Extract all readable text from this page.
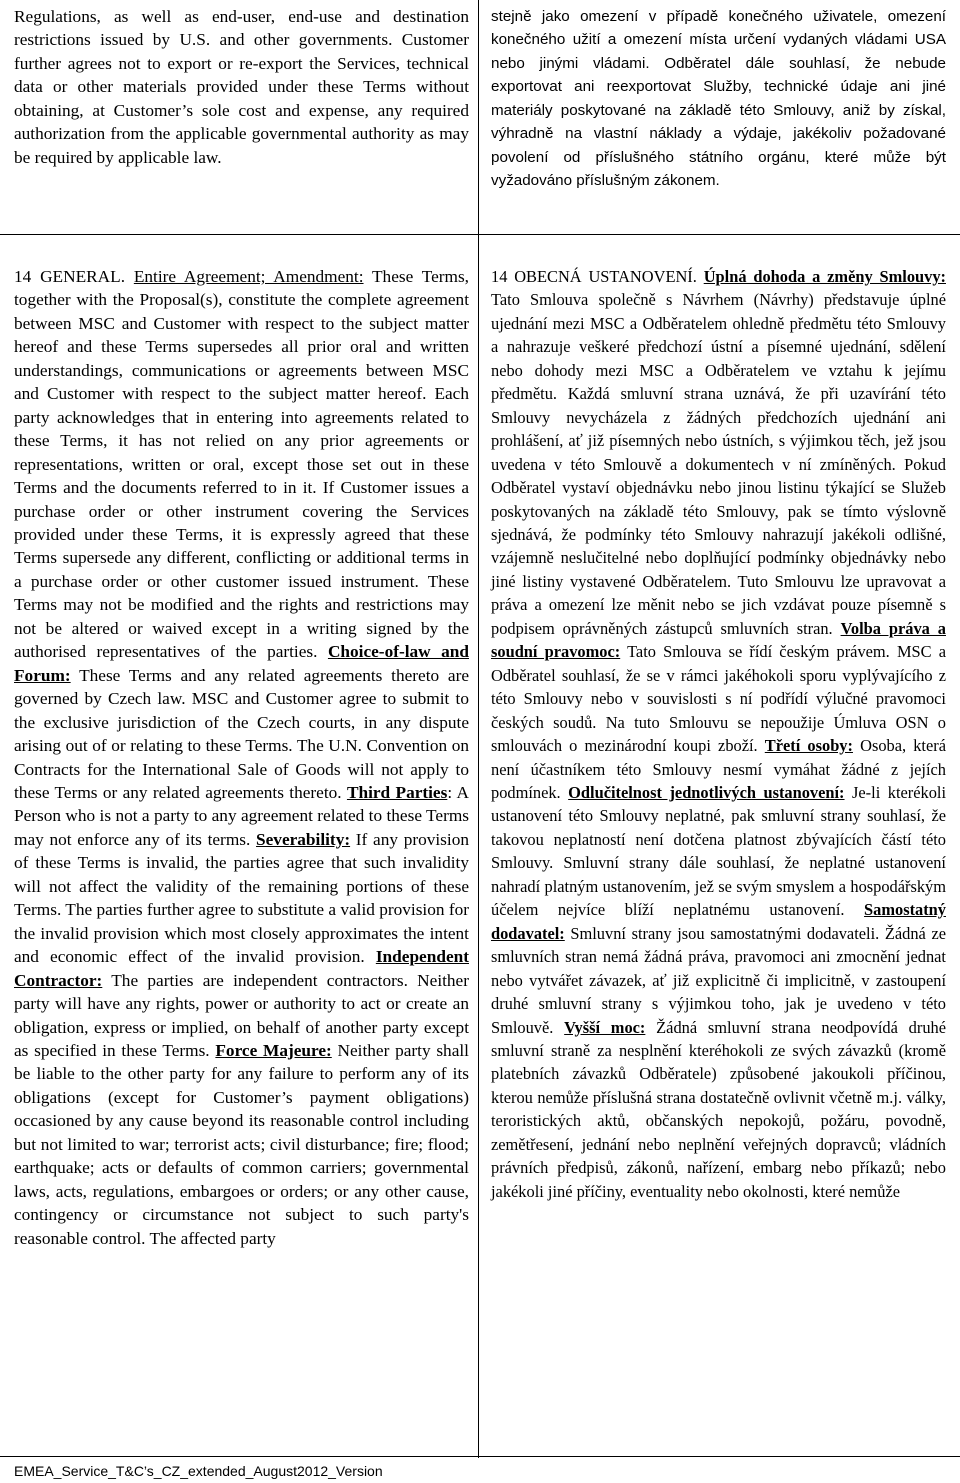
Regulations, as well as end-user, end-use and destination restrictions issued by U.S. and other governments. Customer further agrees not to export or re-export the Services, technical data or other materials provided under these Terms without obtaining, at Customer’s sole cost and expense, any required authorization from the applicable governmental authority as may be required by applicable law.

stejně jako omezení v případě konečného uživatele, omezení konečného užití a omezení místa určení vydaných vládami USA nebo jinými vládami. Odběratel dále souhlasí, že nebude exportovat ani reexportovat Služby, technické údaje ani jiné materiály poskytované na základě této Smlouvy, aniž by získal, výhradně na vlastní náklady a výdaje, jakékoliv požadované povolení od příslušného státního orgánu, které může být vyžadováno příslušným zákonem.

14 GENERAL. Entire Agreement; Amendment: These Terms, together with the Proposal(s), constitute the complete agreement between MSC and Customer with respect to the subject matter hereof and these Terms supersedes all prior oral and written understandings, communications or agreements between MSC and Customer with respect to the subject matter hereof. Each party acknowledges that in entering into agreements related to these Terms, it has not relied on any prior agreements or representations, written or oral, except those set out in these Terms and the documents referred to in it. If Customer issues a purchase order or other instrument covering the Services provided under these Terms, it is expressly agreed that these Terms supersede any different, conflicting or additional terms in a purchase order or other customer issued instrument. These Terms may not be modified and the rights and restrictions may not be altered or waived except in a writing signed by the authorised representatives of the parties. Choice-of-law and Forum: These Terms and any related agreements thereto are governed by Czech law. MSC and Customer agree to submit to the exclusive jurisdiction of the Czech courts, in any dispute arising out of or relating to these Terms. The U.N. Convention on Contracts for the International Sale of Goods will not apply to these Terms or any related agreements thereto. Third Parties: A Person who is not a party to any agreement related to these Terms may not enforce any of its terms. Severability: If any provision of these Terms is invalid, the parties agree that such invalidity will not affect the validity of the remaining portions of these Terms. The parties further agree to substitute a valid provision for the invalid provision which most closely approximates the intent and economic effect of the invalid provision. Independent Contractor: The parties are independent contractors. Neither party will have any rights, power or authority to act or create an obligation, express or implied, on behalf of another party except as specified in these Terms. Force Majeure: Neither party shall be liable to the other party for any failure to perform any of its obligations (except for Customer’s payment obligations) occasioned by any cause beyond its reasonable control including but not limited to war; terrorist acts; civil disturbance; fire; flood; earthquake; acts or defaults of common carriers; governmental laws, acts, regulations, embargoes or orders; or any other cause, contingency or circumstance not subject to such party's reasonable control. The affected party

14 OBECNÁ USTANOVENÍ. Úplná dohoda a změny Smlouvy: Tato Smlouva společně s Návrhem (Návrhy) představuje úplné ujednání mezi MSC a Odběratelem ohledně předmětu této Smlouvy a nahrazuje veškeré předchozí ústní a písemné ujednání, sdělení nebo dohody mezi MSC a Odběratelem ve vztahu k jejímu předmětu. Každá smluvní strana uznává, že při uzavírání této Smlouvy nevycházela z žádných předchozích ujednání ani prohlášení, ať již písemných nebo ústních, s výjimkou těch, jež jsou uvedena v této Smlouvě a dokumentech v ní zmíněných. Pokud Odběratel vystaví objednávku nebo jinou listinu týkající se Služeb poskytovaných na základě této Smlouvy, pak se tímto výslovně sjednává, že podmínky této Smlouvy nahrazují jakékoli odlišné, vzájemně neslučitelné nebo doplňující podmínky objednávky nebo jiné listiny vystavené Odběratelem. Tuto Smlouvu lze upravovat a práva a omezení lze měnit nebo se jich vzdávat pouze písemně s podpisem oprávněných zástupců smluvních stran. Volba práva a soudní pravomoc: Tato Smlouva se řídí českým právem. MSC a Odběratel souhlasí, že se v rámci jakéhokoli sporu vyplývajícího z této Smlouvy nebo v souvislosti s ní podřídí výlučné pravomoci českých soudů. Na tuto Smlouvu se nepoužije Úmluva OSN o smlouvách o mezinárodní koupi zboží. Třetí osoby: Osoba, která není účastníkem této Smlouvy nesmí vymáhat žádné z jejích podmínek. Odlučitelnost jednotlivých ustanovení: Je-li kterékoli ustanovení této Smlouvy neplatné, pak smluvní strany souhlasí, že takovou neplatností není dotčena platnost zbývajících částí této Smlouvy. Smluvní strany dále souhlasí, že neplatné ustanovení nahradí platným ustanovením, jež se svým smyslem a hospodářským účelem nejvíce blíží neplatnému ustanovení. Samostatný dodavatel: Smluvní strany jsou samostatnými dodavateli. Žádná ze smluvních stran nemá žádná práva, pravomoci ani zmocnění jednat nebo vytvářet závazek, ať již explicitně či implicitně, v zastoupení druhé smluvní strany s výjimkou toho, jak je uvedeno v této Smlouvě. Vyšší moc: Žádná smluvní strana neodpovídá druhé smluvní straně za nesplnění kteréhokoli ze svých závazků (kromě platebních závazků Odběratele) způsobené jakoukoli příčinou, kterou nemůže příslušná strana dostatečně ovlivnit včetně m.j. války, teroristických aktů, občanských nepokojů, požáru, povodně, zemětřesení, jednání nebo neplnění veřejných dopravců; vládních právních předpisů, zákonů, nařízení, embarg nebo příkazů; nebo jakékoli jiné příčiny, eventuality nebo okolnosti, které nemůže

EMEA_Service_T&C’s_CZ_extended_August2012_Version
